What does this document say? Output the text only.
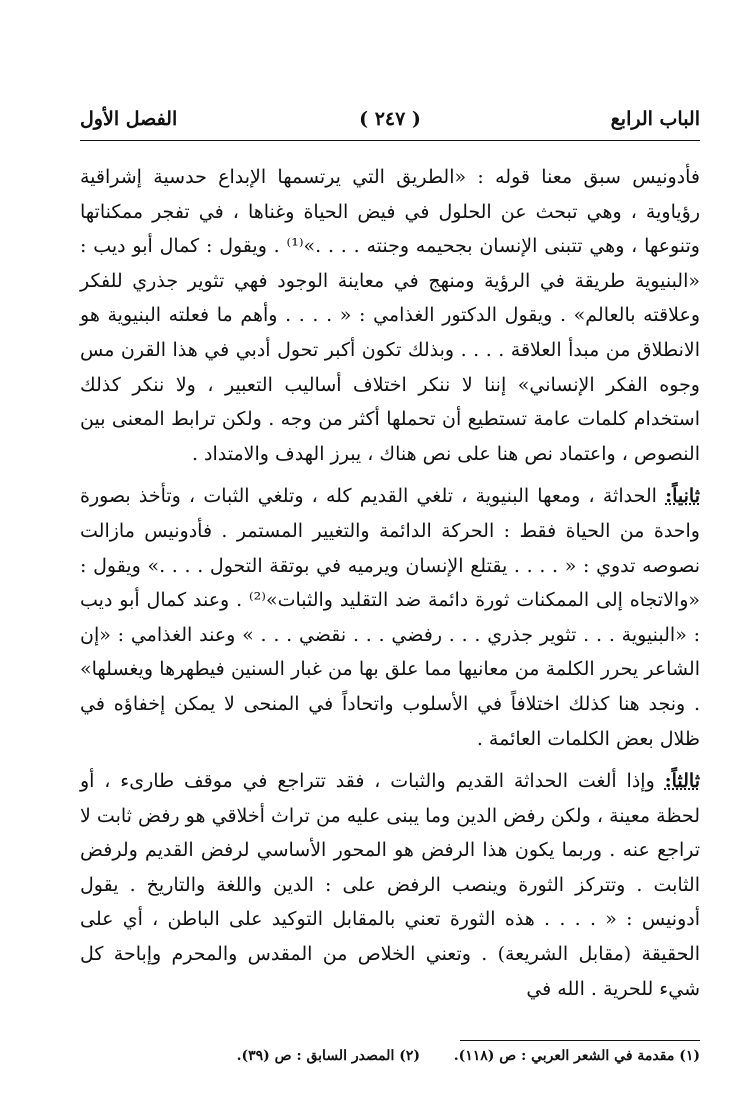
الباب الرابع
( ٢٤٧ )
الفصل الأول

فأدونيس سبق معنا قوله : «الطريق التي يرتسمها الإبداع حدسية إشراقية رؤياوية ، وهي تبحث عن الحلول في فيض الحياة وغناها ، في تفجر ممكناتها وتنوعها ، وهي تتبنى الإنسان بجحيمه وجنته . . . .»⁽¹⁾ . ويقول : كمال أبو ديب : «البنيوية طريقة في الرؤية ومنهج في معاينة الوجود فهي تثوير جذري للفكر وعلاقته بالعالم» . ويقول الدكتور الغذامي : « . . . . وأهم ما فعلته البنيوية هو الانطلاق من مبدأ العلاقة . . . . وبذلك تكون أكبر تحول أدبي في هذا القرن مس وجوه الفكر الإنساني» إننا لا ننكر اختلاف أساليب التعبير ، ولا ننكر كذلك استخدام كلمات عامة تستطيع أن تحملها أكثر من وجه . ولكن ترابط المعنى بين النصوص ، واعتماد نص هنا على نص هناك ، يبرز الهدف والامتداد .

ثانياً: الحداثة ، ومعها البنيوية ، تلغي القديم كله ، وتلغي الثبات ، وتأخذ بصورة واحدة من الحياة فقط : الحركة الدائمة والتغيير المستمر . فأدونيس مازالت نصوصه تدوي : « . . . . يقتلع الإنسان ويرميه في بوتقة التحول . . . .» ويقول : «والاتجاه إلى الممكنات ثورة دائمة ضد التقليد والثبات»⁽²⁾ . وعند كمال أبو ديب : «البنيوية . . . تثوير جذري . . . رفضي . . . نقضي . . . » وعند الغذامي : «إن الشاعر يحرر الكلمة من معانيها مما علق بها من غبار السنين فيطهرها ويغسلها» . ونجد هنا كذلك اختلافاً في الأسلوب واتحاداً في المنحى لا يمكن إخفاؤه في ظلال بعض الكلمات العائمة .

ثالثاً: وإذا ألغت الحداثة القديم والثبات ، فقد تتراجع في موقف طارىء ، أو لحظة معينة ، ولكن رفض الدين وما يبنى عليه من تراث أخلاقي هو رفض ثابت لا تراجع عنه . وربما يكون هذا الرفض هو المحور الأساسي لرفض القديم ولرفض الثابت . وتتركز الثورة وينصب الرفض على : الدين واللغة والتاريخ . يقول أدونيس : « . . . . هذه الثورة تعني بالمقابل التوكيد على الباطن ، أي على الحقيقة (مقابل الشريعة) . وتعني الخلاص من المقدس والمحرم وإباحة كل شيء للحرية . الله في

(١) مقدمة في الشعر العربي : ص (١١٨).
(٢) المصدر السابق : ص (٣٩).
